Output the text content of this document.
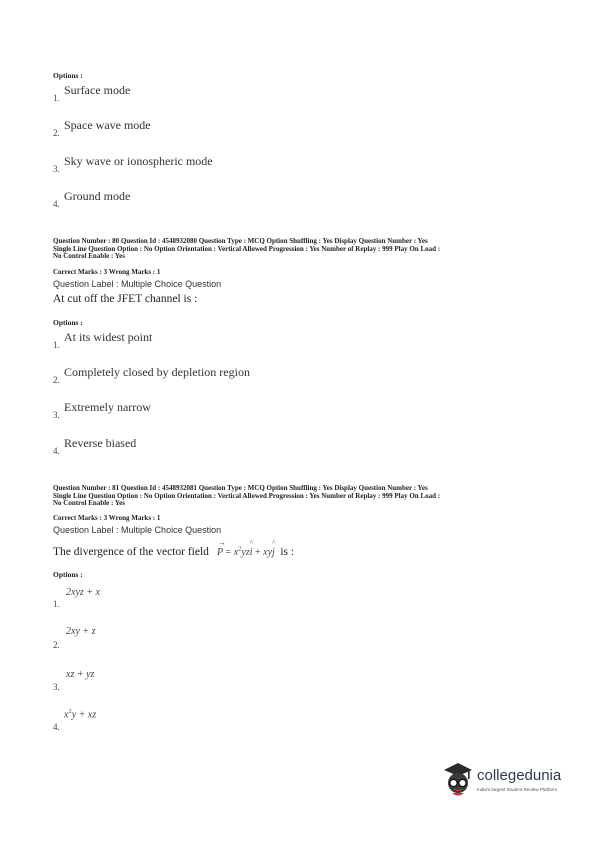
Options :
1.
Surface mode
2.
Space wave mode
3.
Sky wave or ionospheric mode
4.
Ground mode
Question Number : 80 Question Id : 4548932080 Question Type : MCQ Option Shuffling : Yes Display Question Number : Yes
Single Line Question Option : No Option Orientation : Vertical Allowed Progression : Yes Number of Replay : 999 Play On Load :
No Control Enable : Yes
Correct Marks : 3 Wrong Marks : 1
Question Label : Multiple Choice Question
At cut off the JFET channel is :
Options :
1.
At its widest point
2.
Completely closed by depletion region
3.
Extremely narrow
4.
Reverse biased
Question Number : 81 Question Id : 4548932081 Question Type : MCQ Option Shuffling : Yes Display Question Number : Yes
Single Line Question Option : No Option Orientation : Vertical Allowed Progression : Yes Number of Replay : 999 Play On Load :
No Control Enable : Yes
Correct Marks : 3 Wrong Marks : 1
Question Label : Multiple Choice Question
The divergence of the vector field P
→
= $x^2yzi$
^
+ xyj
^
is :
Options :
1.
2xyz + x
2.
2xy + z
3.
xz + yz
4.
$x^2y$ + xz
collegedunia
India's largest Student Review Platform
